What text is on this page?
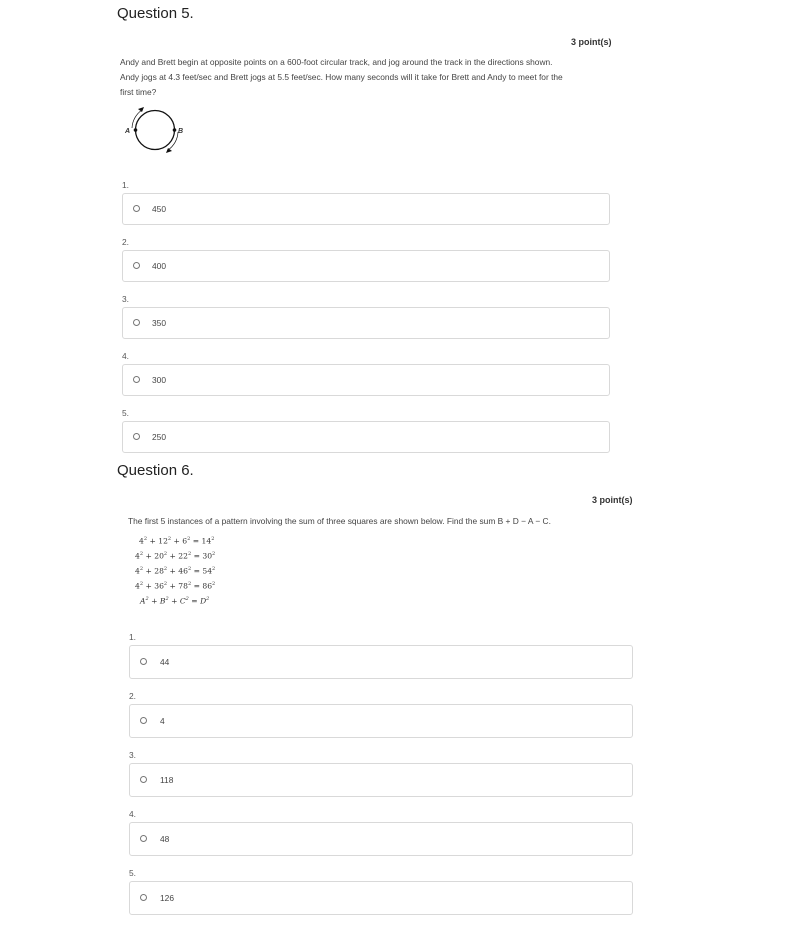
Question 5.
3 point(s)
Andy and Brett begin at opposite points on a 600-foot circular track, and jog around the track in the directions shown.
Andy jogs at 4.3 feet/sec and Brett jogs at 5.5 feet/sec. How many seconds will it take for Brett and Andy to meet for the
first time?
A	B
1.
450
2.
400
3.
350
4.
300
5.
250
Question 6.
3 point(s)
The first 5 instances of a pattern involving the sum of three squares are shown below. Find the sum B + D − A − C.
$4^2 + 12^2 + 6^2 = 14^2$
$4^2 + 20^2 + 22^2 = 30^2$
$4^2 + 28^2 + 46^2 = 54^2$
$4^2 + 36^2 + 78^2 = 86^2$
$A^2 + B^2 + C^2 = D^2$
1.
44
2.
4
3.
118
4.
48
5.
126
